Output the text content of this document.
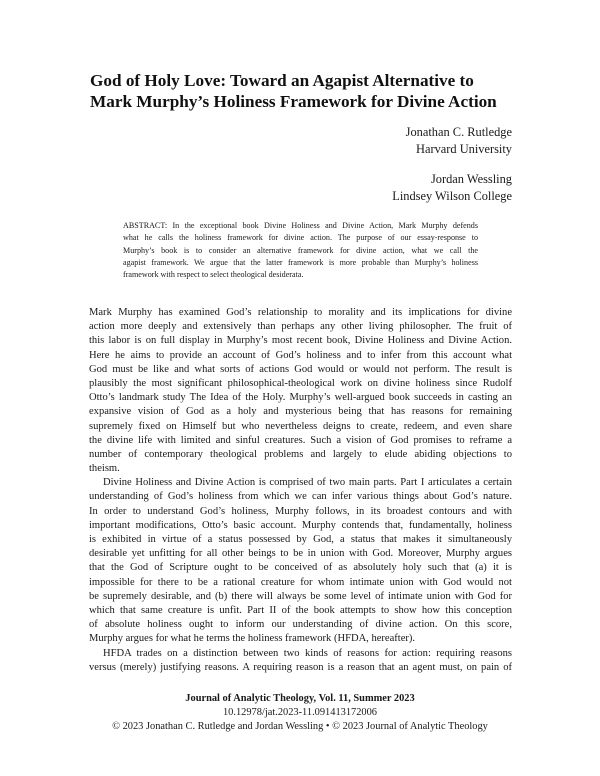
God of Holy Love: Toward an Agapist Alternative to
Mark Murphy’s Holiness Framework for Divine Action
Jonathan C. Rutledge
Harvard University
Jordan Wessling
Lindsey Wilson College
ABSTRACT: In the exceptional book Divine Holiness and Divine Action, Mark Murphy defends
what he calls the holiness framework for divine action. The purpose of our essay-response to
Murphy’s book is to consider an alternative framework for divine action, what we call the
agapist framework. We argue that the latter framework is more probable than Murphy’s holiness
framework with respect to select theological desiderata.
Mark Murphy has examined God’s relationship to morality and its implications for divine
action more deeply and extensively than perhaps any other living philosopher. The fruit of
this labor is on full display in Murphy’s most recent book, Divine Holiness and Divine Action.
Here he aims to provide an account of God’s holiness and to infer from this account what
God must be like and what sorts of actions God would or would not perform. The result is
plausibly the most significant philosophical-theological work on divine holiness since Rudolf
Otto’s landmark study The Idea of the Holy. Murphy’s well-argued book succeeds in casting an
expansive vision of God as a holy and mysterious being that has reasons for remaining
supremely fixed on Himself but who nevertheless deigns to create, redeem, and even share
the divine life with limited and sinful creatures. Such a vision of God promises to reframe a
number of contemporary theological problems and largely to elude abiding objections to
theism.
Divine Holiness and Divine Action is comprised of two main parts. Part I articulates a certain
understanding of God’s holiness from which we can infer various things about God’s nature.
In order to understand God’s holiness, Murphy follows, in its broadest contours and with
important modifications, Otto’s basic account. Murphy contends that, fundamentally, holiness
is exhibited in virtue of a status possessed by God, a status that makes it simultaneously
desirable yet unfitting for all other beings to be in union with God. Moreover, Murphy argues
that the God of Scripture ought to be conceived of as absolutely holy such that (a) it is
impossible for there to be a rational creature for whom intimate union with God would not
be supremely desirable, and (b) there will always be some level of intimate union with God for
which that same creature is unfit. Part II of the book attempts to show how this conception
of absolute holiness ought to inform our understanding of divine action. On this score,
Murphy argues for what he terms the holiness framework (HFDA, hereafter).
HFDA trades on a distinction between two kinds of reasons for action: requiring reasons
versus (merely) justifying reasons. A requiring reason is a reason that an agent must, on pain of
Journal of Analytic Theology, Vol. 11, Summer 2023
10.12978/jat.2023-11.091413172006
© 2023 Jonathan C. Rutledge and Jordan Wessling • © 2023 Journal of Analytic Theology
